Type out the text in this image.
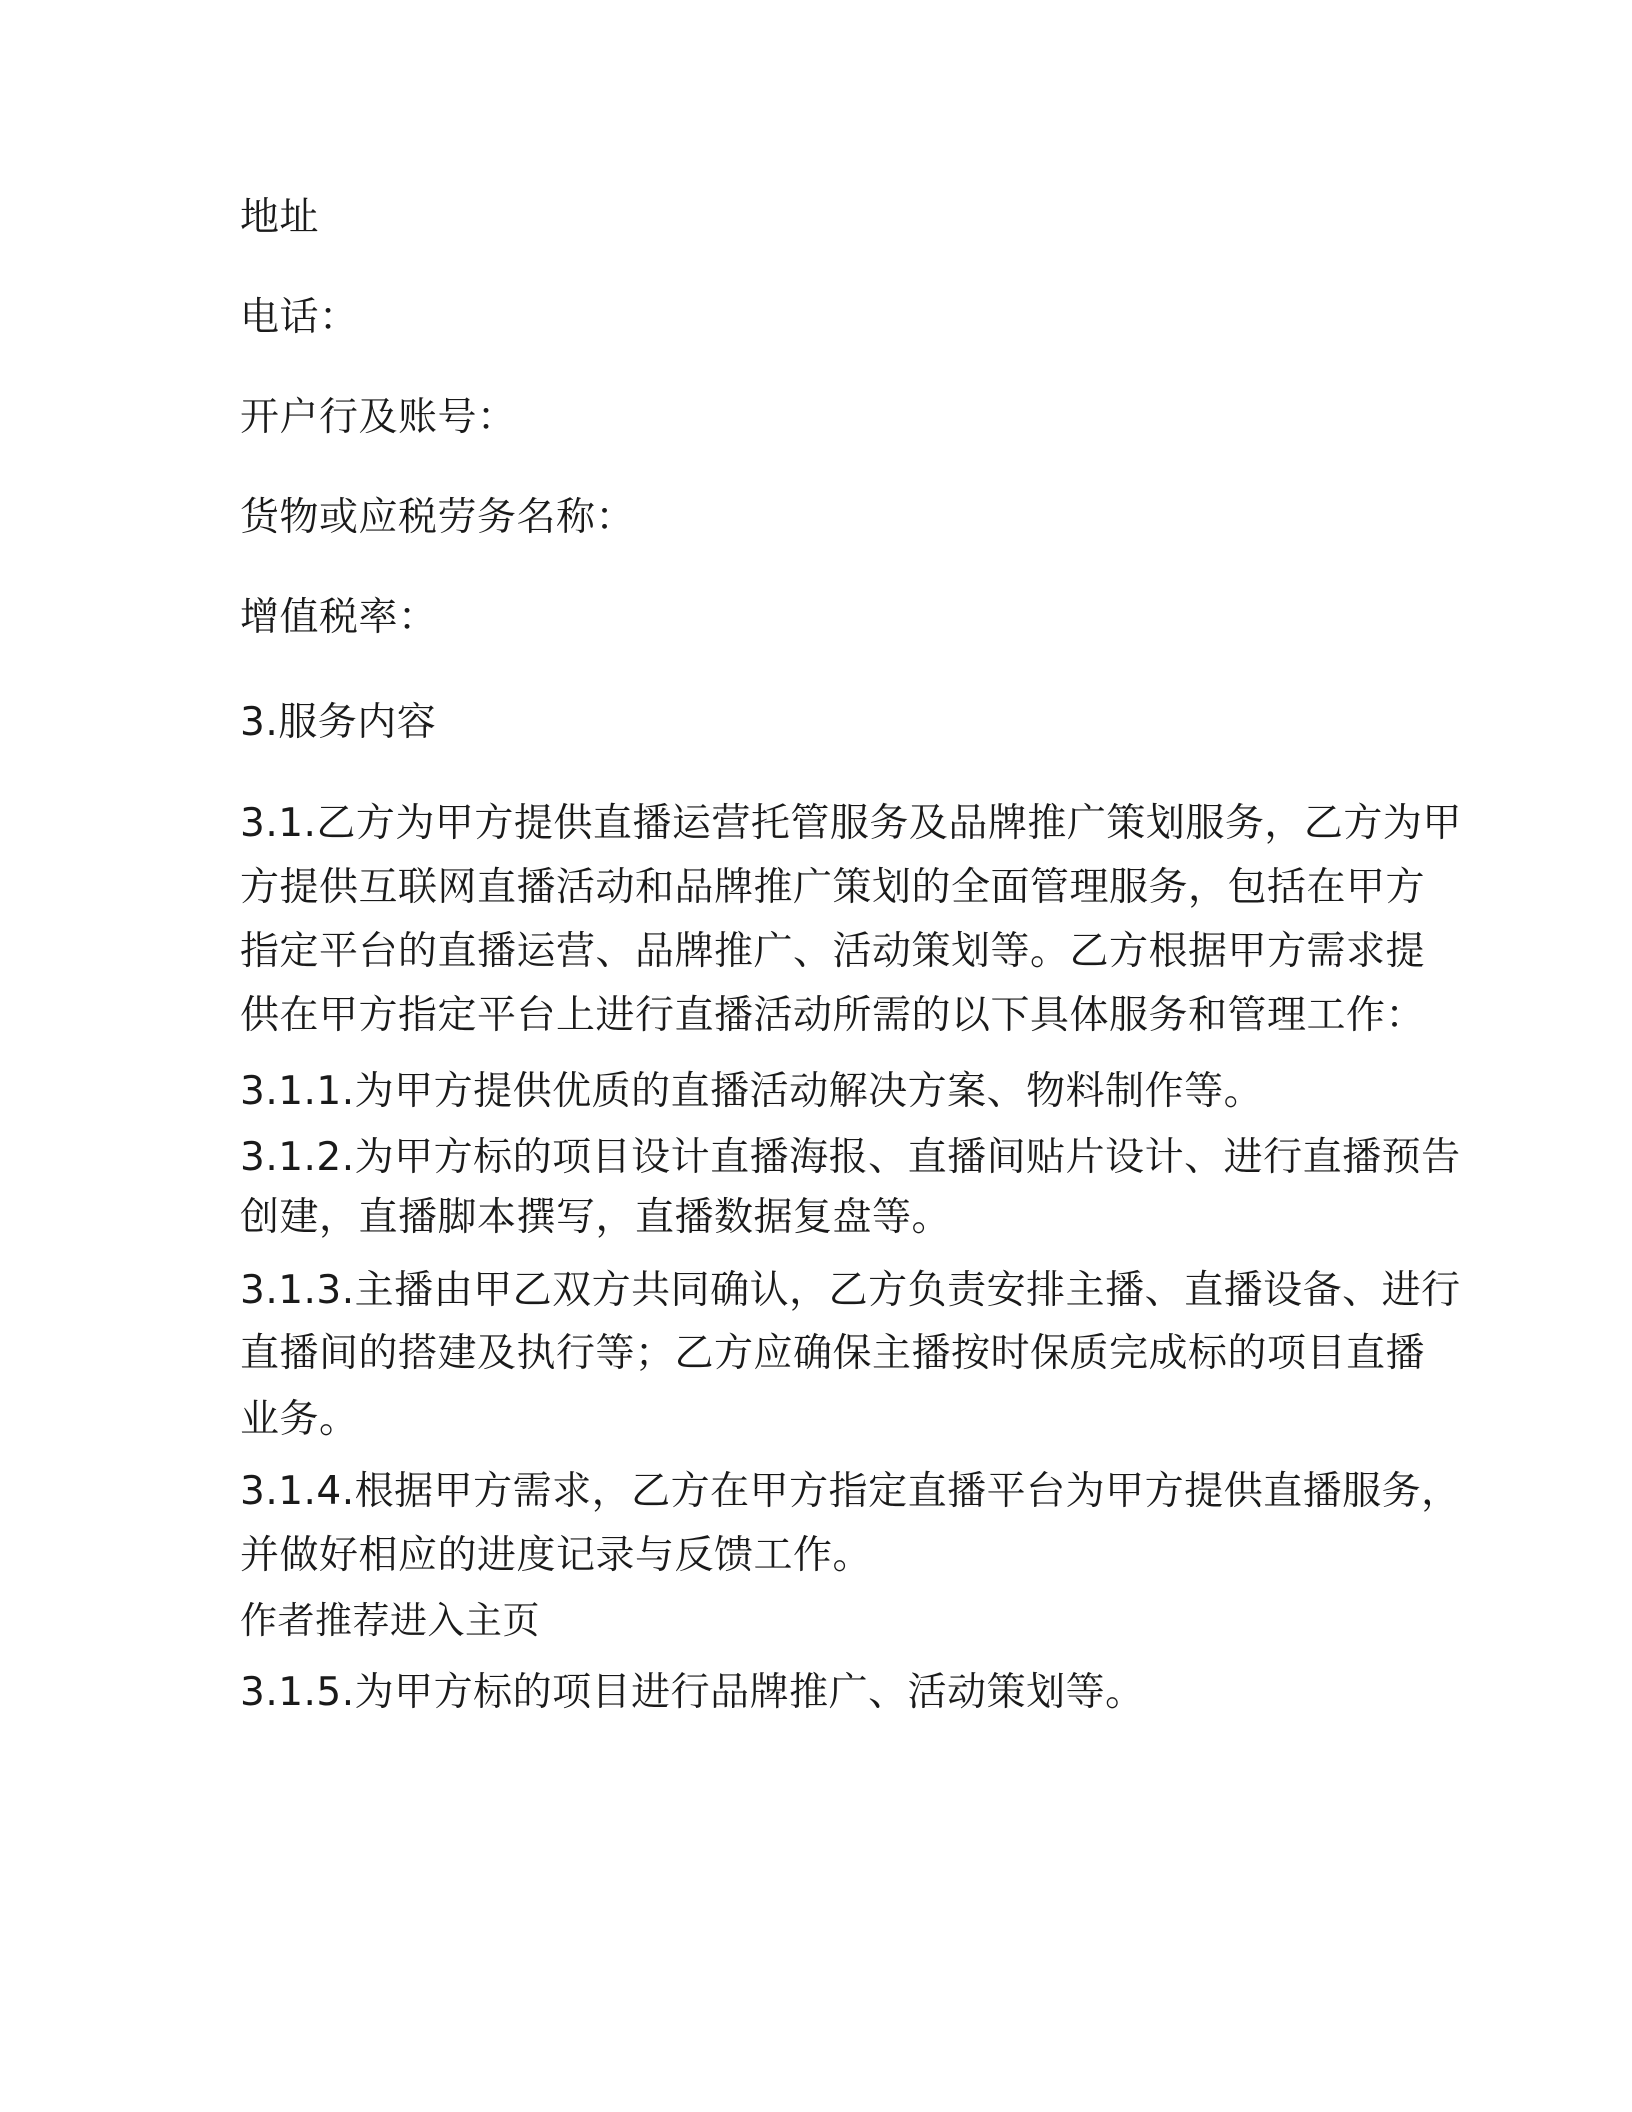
地址
电话：
开户行及账号：
货物或应税劳务名称：
增值税率：
3.服务内容
3.1.乙方为甲方提供直播运营托管服务及品牌推广策划服务，乙方为甲
方提供互联网直播活动和品牌推广策划的全面管理服务，包括在甲方
指定平台的直播运营、品牌推广、活动策划等。乙方根据甲方需求提
供在甲方指定平台上进行直播活动所需的以下具体服务和管理工作：
3.1.1.为甲方提供优质的直播活动解决方案、物料制作等。
3.1.2.为甲方标的项目设计直播海报、直播间贴片设计、进行直播预告
创建，直播脚本撰写，直播数据复盘等。
3.1.3.主播由甲乙双方共同确认，乙方负责安排主播、直播设备、进行
直播间的搭建及执行等；乙方应确保主播按时保质完成标的项目直播
业务。
3.1.4.根据甲方需求，乙方在甲方指定直播平台为甲方提供直播服务，
并做好相应的进度记录与反馈工作。
作者推荐进入主页
3.1.5.为甲方标的项目进行品牌推广、活动策划等。
